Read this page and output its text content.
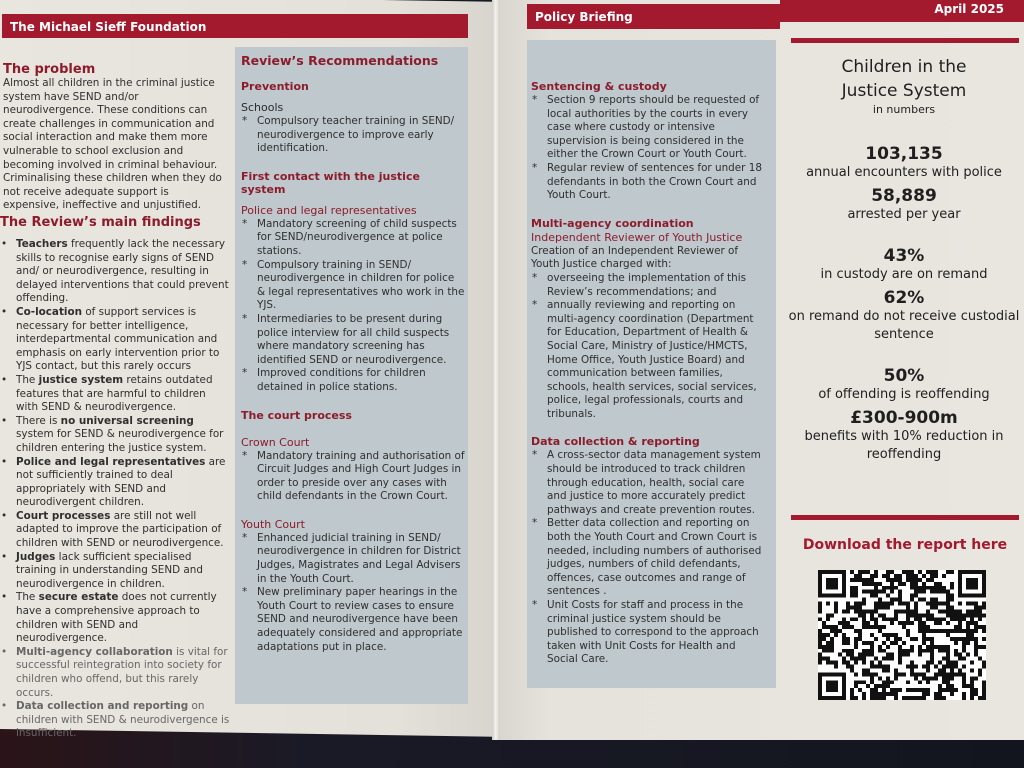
The Michael Sieff Foundation
Policy Briefing
April 2025
The problem

Almost all children in the criminal justice system have SEND and/or neurodivergence. These conditions can create challenges in communication and social interaction and make them more vulnerable to school exclusion and becoming involved in criminal behaviour. Criminalising these children when they do not receive adequate support is expensive, ineffective and unjustified.

The Review’s main findings
• Teachers frequently lack the necessary skills to recognise early signs of SEND and/ or neurodivergence, resulting in delayed interventions that could prevent offending.
• Co-location of support services is necessary for better intelligence, interdepartmental communication and emphasis on early intervention prior to YJS contact, but this rarely occurs
• The justice system retains outdated features that are harmful to children with SEND & neurodivergence.
• There is no universal screening system for SEND & neurodivergence for children entering the justice system.
• Police and legal representatives are not sufficiently trained to deal appropriately with SEND and neurodivergent children.
• Court processes are still not well adapted to improve the participation of children with SEND or neurodivergence.
• Judges lack sufficient specialised training in understanding SEND and neurodivergence in children.
• The secure estate does not currently have a comprehensive approach to children with SEND and neurodivergence.
• Multi-agency collaboration is vital for successful reintegration into society for children who offend, but this rarely occurs.
• Data collection and reporting on children with SEND & neurodivergence is insufficient.
Review’s Recommendations
Prevention
Schools
* Compulsory teacher training in SEND/ neurodivergence to improve early identification.
First contact with the justice system
Police and legal representatives
* Mandatory screening of child suspects for SEND/neurodivergence at police stations.
* Compulsory training in SEND/ neurodivergence in children for police & legal representatives who work in the YJS.
* Intermediaries to be present during police interview for all child suspects where mandatory screening has identified SEND or neurodivergence.
* Improved conditions for children detained in police stations.
The court process
Crown Court
* Mandatory training and authorisation of Circuit Judges and High Court Judges in order to preside over any cases with child defendants in the Crown Court.
Youth Court
* Enhanced judicial training in SEND/ neurodivergence in children for District Judges, Magistrates and Legal Advisers in the Youth Court.
* New preliminary paper hearings in the Youth Court to review cases to ensure SEND and neurodivergence have been adequately considered and appropriate adaptations put in place.
Sentencing & custody
* Section 9 reports should be requested of local authorities by the courts in every case where custody or intensive supervision is being considered in the either the Crown Court or Youth Court.
* Regular review of sentences for under 18 defendants in both the Crown Court and Youth Court.
Multi-agency coordination
Independent Reviewer of Youth Justice

Creation of an Independent Reviewer of Youth Justice charged with:

* overseeing the implementation of this Review’s recommendations; and
* annually reviewing and reporting on multi-agency coordination (Department for Education, Department of Health & Social Care, Ministry of Justice/HMCTS, Home Office, Youth Justice Board) and communication between families, schools, health services, social services, police, legal professionals, courts and tribunals.
Data collection & reporting
* A cross-sector data management system should be introduced to track children through education, health, social care and justice to more accurately predict pathways and create prevention routes.
* Better data collection and reporting on both the Youth Court and Crown Court is needed, including numbers of authorised judges, numbers of child defendants, offences, case outcomes and range of sentences .
* Unit Costs for staff and process in the criminal justice system should be published to correspond to the approach taken with Unit Costs for Health and Social Care.
Children in the
Justice System
in numbers
103,135
annual encounters with police
58,889
arrested per year
43%
in custody are on remand
62%
on remand do not receive custodial sentence
50%
of offending is reoffending
£300-900m
benefits with 10% reduction in reoffending
Download the report here
